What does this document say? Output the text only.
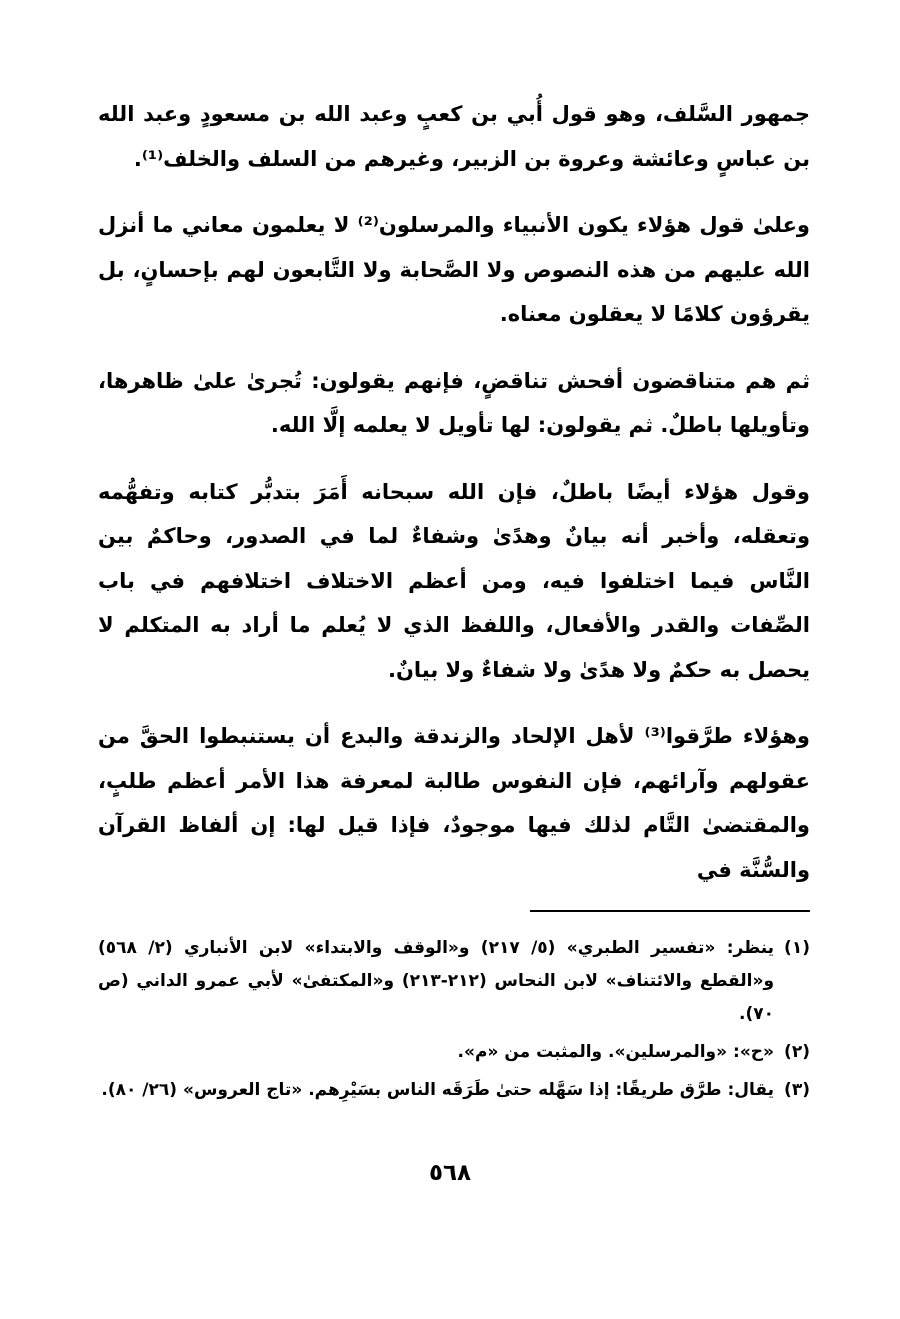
جمهور السَّلف، وهو قول أُبي بن كعبٍ وعبد الله بن مسعودٍ وعبد الله بن عباسٍ وعائشة وعروة بن الزبير، وغيرهم من السلف والخلف⁽¹⁾.

وعلىٰ قول هؤلاء يكون الأنبياء والمرسلون⁽²⁾ لا يعلمون معاني ما أنزل الله عليهم من هذه النصوص ولا الصَّحابة ولا التَّابعون لهم بإحسانٍ، بل يقرؤون كلامًا لا يعقلون معناه.

ثم هم متناقضون أفحش تناقضٍ، فإنهم يقولون: تُجرىٰ علىٰ ظاهرها، وتأويلها باطلٌ. ثم يقولون: لها تأويل لا يعلمه إلَّا الله.

وقول هؤلاء أيضًا باطلٌ، فإن الله سبحانه أَمَرَ بتدبُّر كتابه وتفهُّمه وتعقله، وأخبر أنه بيانٌ وهدًىٰ وشفاءٌ لما في الصدور، وحاكمٌ بين النَّاس فيما اختلفوا فيه، ومن أعظم الاختلاف اختلافهم في باب الصِّفات والقدر والأفعال، واللفظ الذي لا يُعلم ما أراد به المتكلم لا يحصل به حكمٌ ولا هدًىٰ ولا شفاءٌ ولا بيانٌ.

وهؤلاء طرَّقوا⁽³⁾ لأهل الإلحاد والزندقة والبدع أن يستنبطوا الحقَّ من عقولهم وآرائهم، فإن النفوس طالبة لمعرفة هذا الأمر أعظم طلبٍ، والمقتضىٰ التَّام لذلك فيها موجودٌ، فإذا قيل لها: إن ألفاظ القرآن والسُّنَّة في

(١)
ينظر: «تفسير الطبري» (٥/ ٢١٧) و«الوقف والابتداء» لابن الأنباري (٢/ ٥٦٨) و«القطع والائتناف» لابن النحاس (٢١٢-٢١٣) و«المكتفىٰ» لأبي عمرو الداني (ص ٧٠).
(٢)
«ح»: «والمرسلين». والمثبت من «م».
(٣)
يقال: طرَّق طريقًا: إذا سَهَّله حتىٰ طَرَقَه الناس بسَيْرِهم. «تاج العروس» (٢٦/ ٨٠).
٥٦٨
